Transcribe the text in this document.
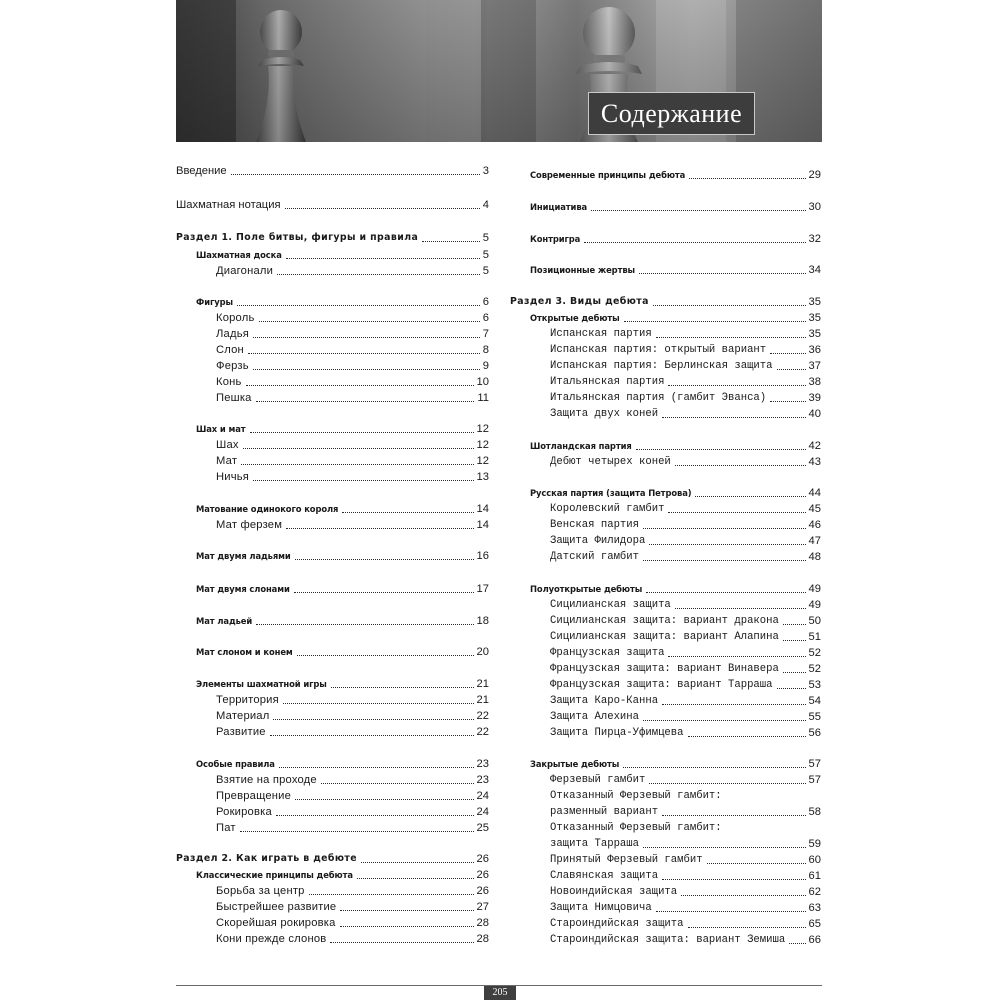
Содержание
Введение	3
Шахматная нотация	4
Раздел 1. Поле битвы, фигуры и правила	5
Шахматная доска	5
Диагонали	5
Фигуры	6
Король	6
Ладья	7
Слон	8
Ферзь	9
Конь	10
Пешка	11
Шах и мат	12
Шах	12
Мат	12
Ничья	13
Матование одинокого короля	14
Мат ферзем	14
Мат двумя ладьями	16
Мат двумя слонами	17
Мат ладьей	18
Мат слоном и конем	20
Элементы шахматной игры	21
Территория	21
Материал	22
Развитие	22
Особые правила	23
Взятие на проходе	23
Превращение	24
Рокировка	24
Пат	25
Раздел 2. Как играть в дебюте	26
Классические принципы дебюта	26
Борьба за центр	26
Быстрейшее развитие	27
Скорейшая рокировка	28
Кони прежде слонов	28
Современные принципы дебюта	29
Инициатива	30
Контригра	32
Позиционные жертвы	34
Раздел 3. Виды дебюта	35
Открытые дебюты	35
Испанская партия	35
Испанская партия: открытый вариант	36
Испанская партия: Берлинская защита	37
Итальянская партия	38
Итальянская партия (гамбит Эванса)	39
Защита двух коней	40
Шотландская партия	42
Дебют четырех коней	43
Русская партия (защита Петрова)	44
Королевский гамбит	45
Венская партия	46
Защита Филидора	47
Датский гамбит	48
Полуоткрытые дебюты	49
Сицилианская защита	49
Сицилианская защита: вариант дракона	50
Сицилианская защита: вариант Алапина	51
Французская защита	52
Французская защита: вариант Винавера	52
Французская защита: вариант Тарраша	53
Защита Каро-Канна	54
Защита Алехина	55
Защита Пирца-Уфимцева	56
Закрытые дебюты	57
Ферзевый гамбит	57
Отказанный Ферзевый гамбит:
разменный вариант	58
Отказанный Ферзевый гамбит:
защита Тарраша	59
Принятый Ферзевый гамбит	60
Славянская защита	61
Новоиндийская защита	62
Защита Нимцовича	63
Староиндийская защита	65
Староиндийская защита: вариант Земиша 66
205
